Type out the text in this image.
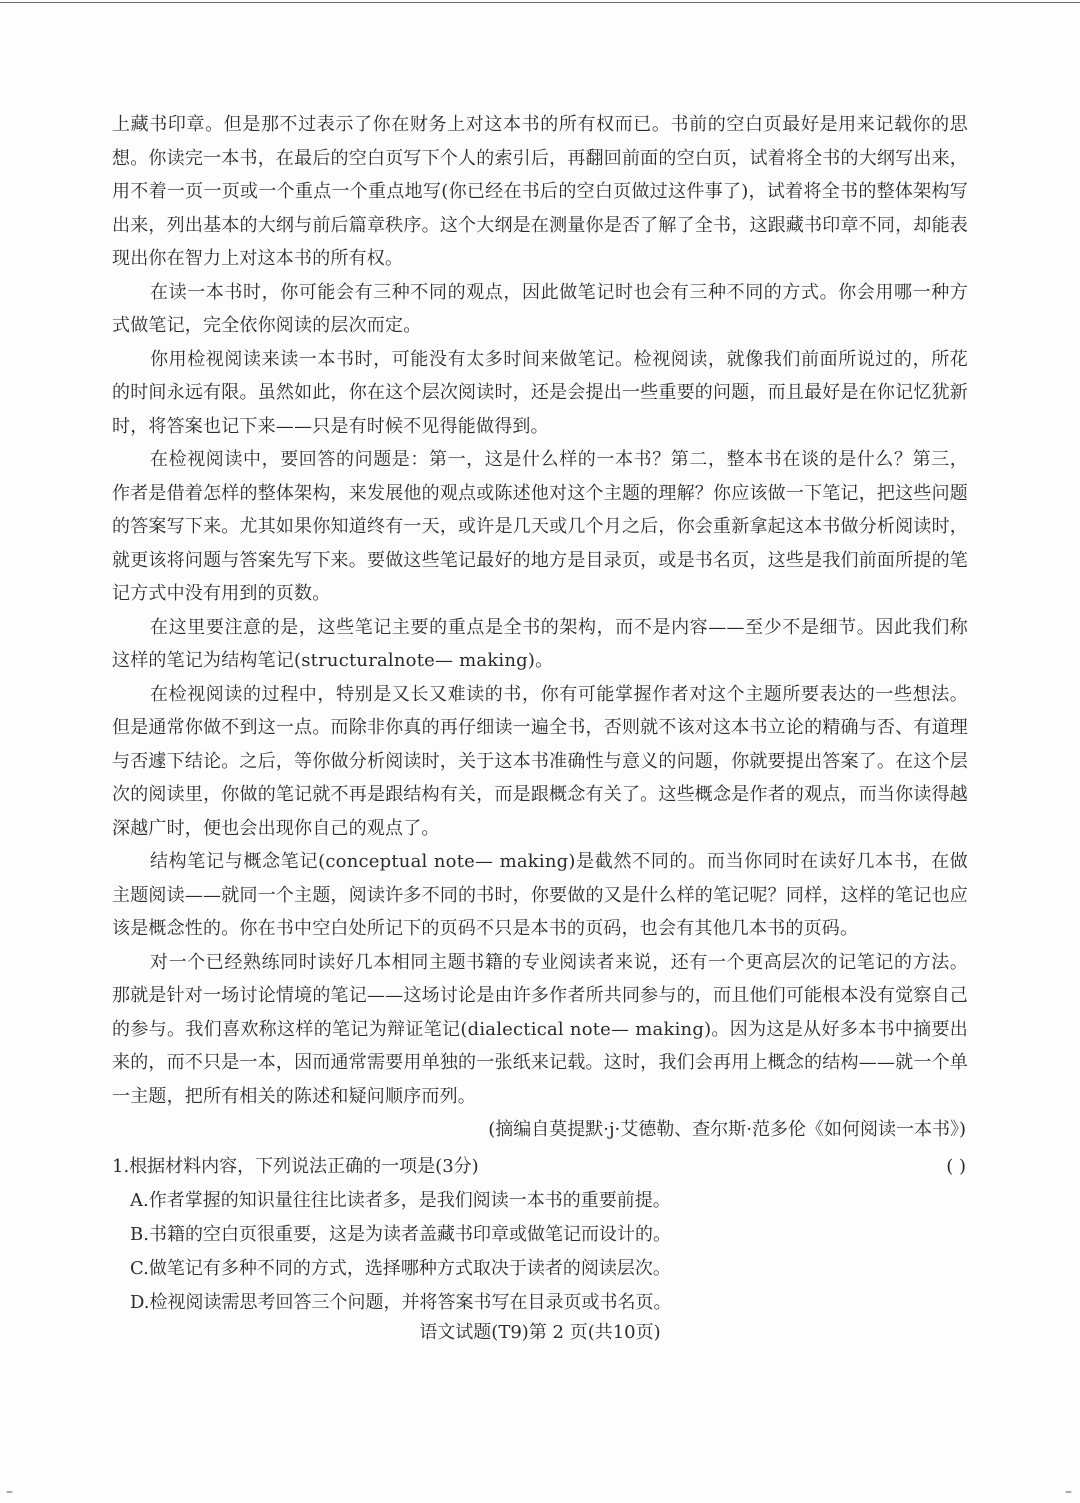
上藏书印章。但是那不过表示了你在财务上对这本书的所有权而已。书前的空白页最好是用来记载你的思想。你读完一本书，在最后的空白页写下个人的索引后，再翻回前面的空白页，试着将全书的大纲写出来，用不着一页一页或一个重点一个重点地写(你已经在书后的空白页做过这件事了)，试着将全书的整体架构写出来，列出基本的大纲与前后篇章秩序。这个大纲是在测量你是否了解了全书，这跟藏书印章不同，却能表现出你在智力上对这本书的所有权。

在读一本书时，你可能会有三种不同的观点，因此做笔记时也会有三种不同的方式。你会用哪一种方式做笔记，完全依你阅读的层次而定。

你用检视阅读来读一本书时，可能没有太多时间来做笔记。检视阅读，就像我们前面所说过的，所花的时间永远有限。虽然如此，你在这个层次阅读时，还是会提出一些重要的问题，而且最好是在你记忆犹新时，将答案也记下来——只是有时候不见得能做得到。

在检视阅读中，要回答的问题是：第一，这是什么样的一本书？第二，整本书在谈的是什么？第三，作者是借着怎样的整体架构，来发展他的观点或陈述他对这个主题的理解？你应该做一下笔记，把这些问题的答案写下来。尤其如果你知道终有一天，或许是几天或几个月之后，你会重新拿起这本书做分析阅读时，就更该将问题与答案先写下来。要做这些笔记最好的地方是目录页，或是书名页，这些是我们前面所提的笔记方式中没有用到的页数。

在这里要注意的是，这些笔记主要的重点是全书的架构，而不是内容——至少不是细节。因此我们称这样的笔记为结构笔记(structuralnote— making)。

在检视阅读的过程中，特别是又长又难读的书，你有可能掌握作者对这个主题所要表达的一些想法。但是通常你做不到这一点。而除非你真的再仔细读一遍全书，否则就不该对这本书立论的精确与否、有道理与否遽下结论。之后，等你做分析阅读时，关于这本书准确性与意义的问题，你就要提出答案了。在这个层次的阅读里，你做的笔记就不再是跟结构有关，而是跟概念有关了。这些概念是作者的观点，而当你读得越深越广时，便也会出现你自己的观点了。

结构笔记与概念笔记(conceptual note— making)是截然不同的。而当你同时在读好几本书，在做主题阅读——就同一个主题，阅读许多不同的书时，你要做的又是什么样的笔记呢？同样，这样的笔记也应该是概念性的。你在书中空白处所记下的页码不只是本书的页码，也会有其他几本书的页码。

对一个已经熟练同时读好几本相同主题书籍的专业阅读者来说，还有一个更高层次的记笔记的方法。那就是针对一场讨论情境的笔记——这场讨论是由许多作者所共同参与的，而且他们可能根本没有觉察自己的参与。我们喜欢称这样的笔记为辩证笔记(dialectical note— making)。因为这是从好多本书中摘要出来的，而不只是一本，因而通常需要用单独的一张纸来记载。这时，我们会再用上概念的结构——就一个单一主题，把所有相关的陈述和疑问顺序而列。

(摘编自莫提默·j·艾德勒、查尔斯·范多伦《如何阅读一本书》)

1.根据材料内容，下列说法正确的一项是(3分)	( )

A.作者掌握的知识量往往比读者多，是我们阅读一本书的重要前提。

B.书籍的空白页很重要，这是为读者盖藏书印章或做笔记而设计的。

C.做笔记有多种不同的方式，选择哪种方式取决于读者的阅读层次。

D.检视阅读需思考回答三个问题，并将答案书写在目录页或书名页。

语文试题(T9)第 2 页(共10页)
–	–
